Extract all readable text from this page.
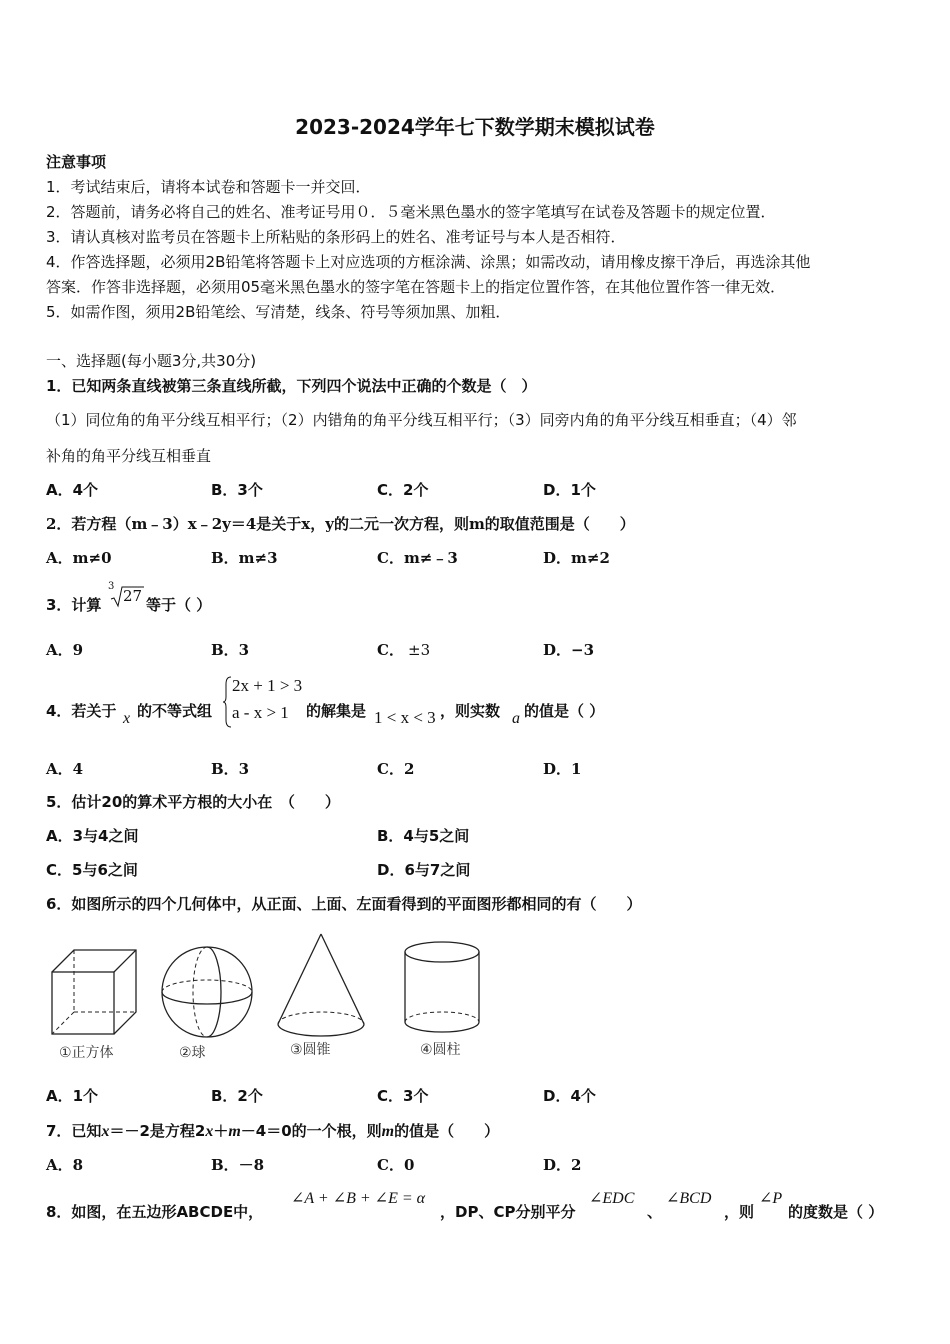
2023-2024学年七下数学期末模拟试卷
注意事项
1．考试结束后，请将本试卷和答题卡一并交回．
2．答题前，请务必将自己的姓名、准考证号用０．５毫米黑色墨水的签字笔填写在试卷及答题卡的规定位置．
3．请认真核对监考员在答题卡上所粘贴的条形码上的姓名、准考证号与本人是否相符．
4．作答选择题，必须用2B铅笔将答题卡上对应选项的方框涂满、涂黑；如需改动，请用橡皮擦干净后，再选涂其他
答案．作答非选择题，必须用05毫米黑色墨水的签字笔在答题卡上的指定位置作答，在其他位置作答一律无效．
5．如需作图，须用2B铅笔绘、写清楚，线条、符号等须加黑、加粗．
一、选择题(每小题3分,共30分)
1．已知两条直线被第三条直线所截，下列四个说法中正确的个数是（　）
（1）同位角的角平分线互相平行；（2）内错角的角平分线互相平行；（3）同旁内角的角平分线互相垂直；（4）邻
补角的角平分线互相垂直
A．4个	B．3个	C．2个	D．1个
2．若方程（m﹣3）x﹣2y＝4是关于x，y的二元一次方程，则m的取值范围是（　　）
A．m≠0	B．m≠3	C．m≠﹣3	D．m≠2
3．计算
3
27 等于（ ）
A．9	B．3	C． ±3	D．−3
4．若关于 x 的不等式组
2x + 1 > 3
a - x > 1 的解集是 1 < x < 3 ，则实数 a 的值是（ ）
A．4	B．3	C．2	D．1
5．估计20的算术平方根的大小在　（　　）
A．3与4之间	B．4与5之间
C．5与6之间	D．6与7之间
6．如图所示的四个几何体中，从正面、上面、左面看得到的平面图形都相同的有（　　）
①正方体	②球	③圆锥	④圆柱
A．1个	B．2个	C．3个	D．4个
7．已知x＝－2是方程2x＋m－4＝0的一个根，则m的值是（　　）
A．8	B．－8	C．0	D．2
8．如图，在五边形ABCDE中，
∠A + ∠B + ∠E = α
，DP、CP分别平分
∠EDC
、
∠BCD
，则
∠P
的度数是（ ）
